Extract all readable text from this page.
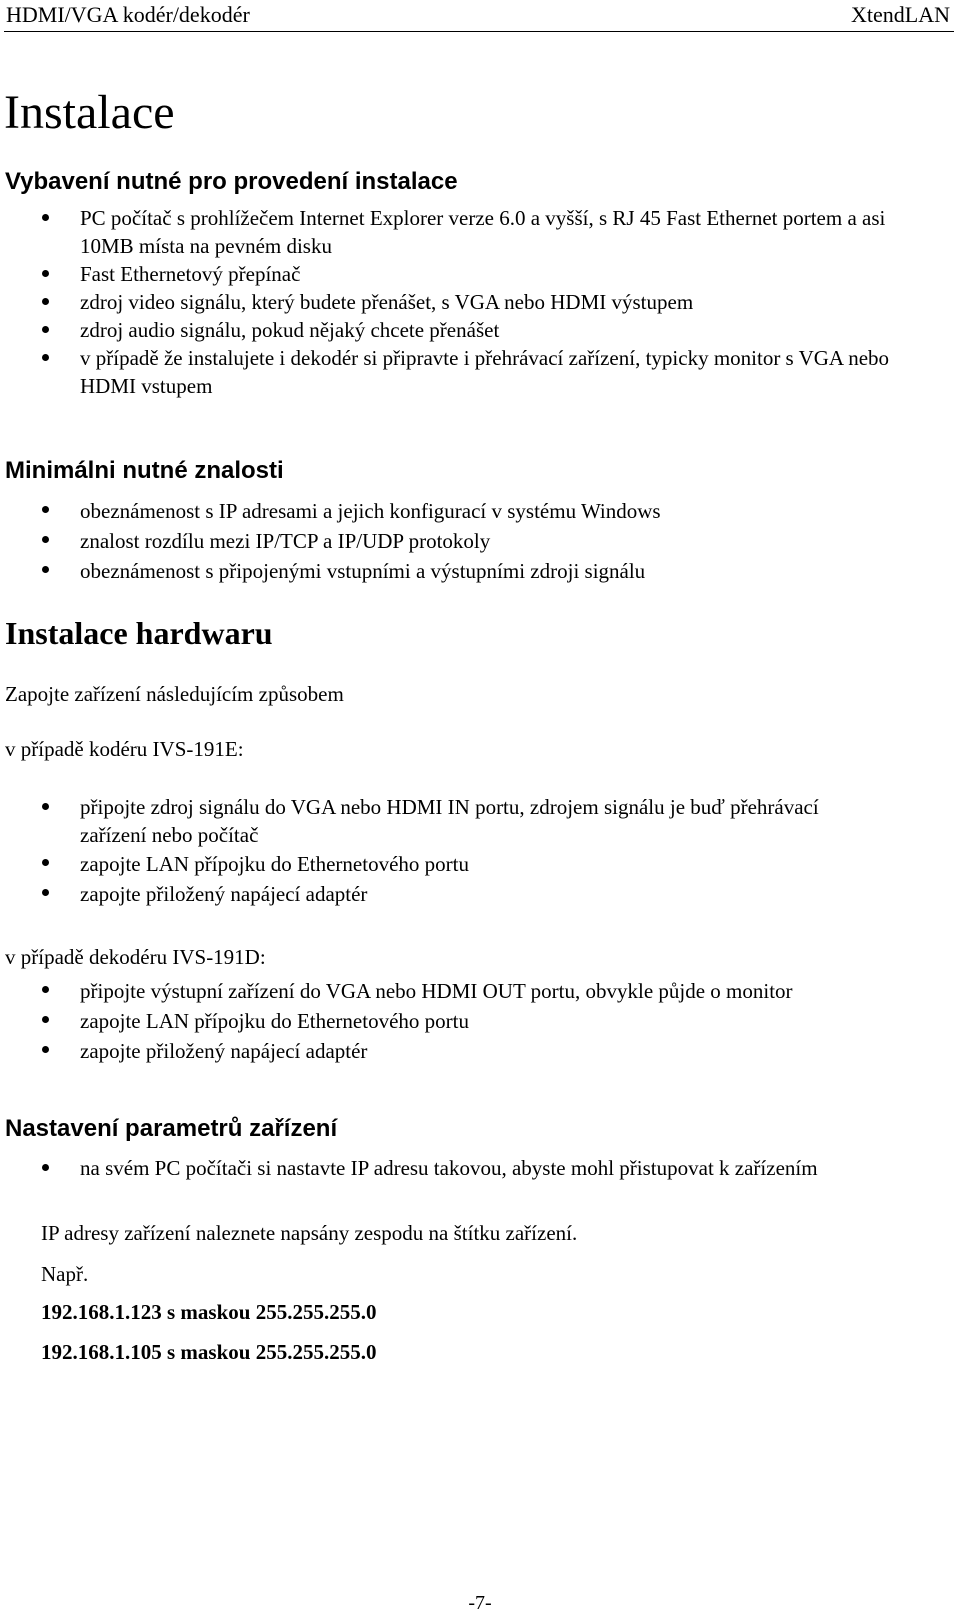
HDMI/VGA kodér/dekodér	XtendLAN
Instalace
Vybavení nutné pro provedení instalace
PC počítač s prohlížečem Internet Explorer verze 6.0 a vyšší, s RJ 45 Fast Ethernet portem a asi 10MB místa na pevném disku
Fast Ethernetový přepínač
zdroj video signálu, který budete přenášet, s VGA nebo HDMI výstupem
zdroj audio signálu, pokud nějaký chcete přenášet
v případě že instalujete i dekodér si připravte i přehrávací zařízení, typicky monitor s VGA nebo HDMI vstupem
Minimálni nutné znalosti
obeznámenost s IP adresami a jejich konfigurací v systému Windows
znalost rozdílu mezi IP/TCP a IP/UDP protokoly
obeznámenost s připojenými vstupními a výstupními zdroji signálu
Instalace hardwaru
Zapojte zařízení následujícím způsobem
v případě kodéru IVS-191E:
připojte zdroj signálu do VGA nebo HDMI IN portu, zdrojem signálu je buď přehrávací zařízení nebo počítač
zapojte LAN přípojku do Ethernetového portu
zapojte přiložený napájecí adaptér
v případě dekodéru IVS-191D:
připojte výstupní zařízení do VGA nebo HDMI OUT portu, obvykle půjde o monitor
zapojte LAN přípojku do Ethernetového portu
zapojte přiložený napájecí adaptér
Nastavení parametrů zařízení
na svém PC počítači si nastavte IP adresu takovou, abyste mohl přistupovat k zařízením
IP adresy zařízení naleznete napsány zespodu na štítku zařízení.
Např.
192.168.1.123 s maskou 255.255.255.0
192.168.1.105 s maskou 255.255.255.0
-7-
